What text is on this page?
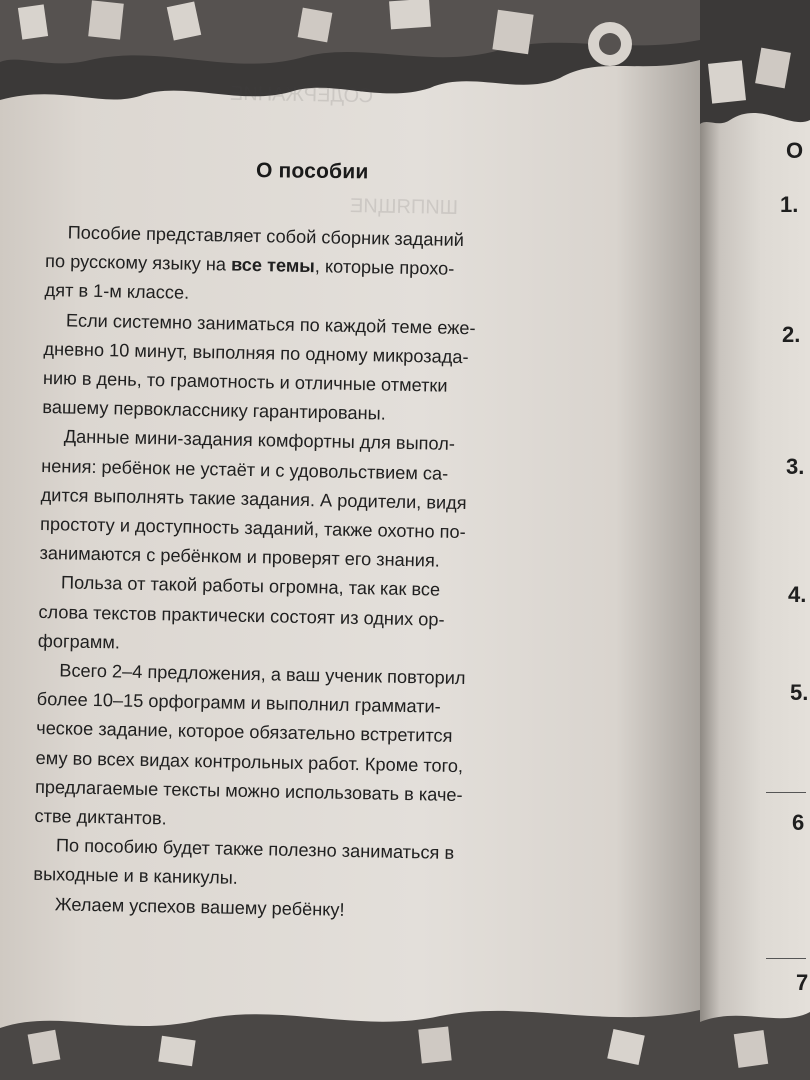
СОДЕРЖАНИЕ
ШИПЯЩИЕ
О пособии

Пособие представляет собой сборник заданий
по русскому языку на все темы, которые прохо-
дят в 1-м классе.

Если системно заниматься по каждой теме еже-
дневно 10 минут, выполняя по одному микрозада-
нию в день, то грамотность и отличные отметки
вашему первокласснику гарантированы.

Данные мини-задания комфортны для выпол-
нения: ребёнок не устаёт и с удовольствием са-
дится выполнять такие задания. А родители, видя
простоту и доступность заданий, также охотно по-
занимаются с ребёнком и проверят его знания.

Польза от такой работы огромна, так как все
слова текстов практически состоят из одних ор-
фограмм.

Всего 2–4 предложения, а ваш ученик повторил
более 10–15 орфограмм и выполнил граммати-
ческое задание, которое обязательно встретится
ему во всех видах контрольных работ. Кроме того,
предлагаемые тексты можно использовать в каче-
стве диктантов.

По пособию будет также полезно заниматься в
выходные и в каникулы.

Желаем успехов вашему ребёнку!

О
1.
2.
3.
4.
5.
6
7
